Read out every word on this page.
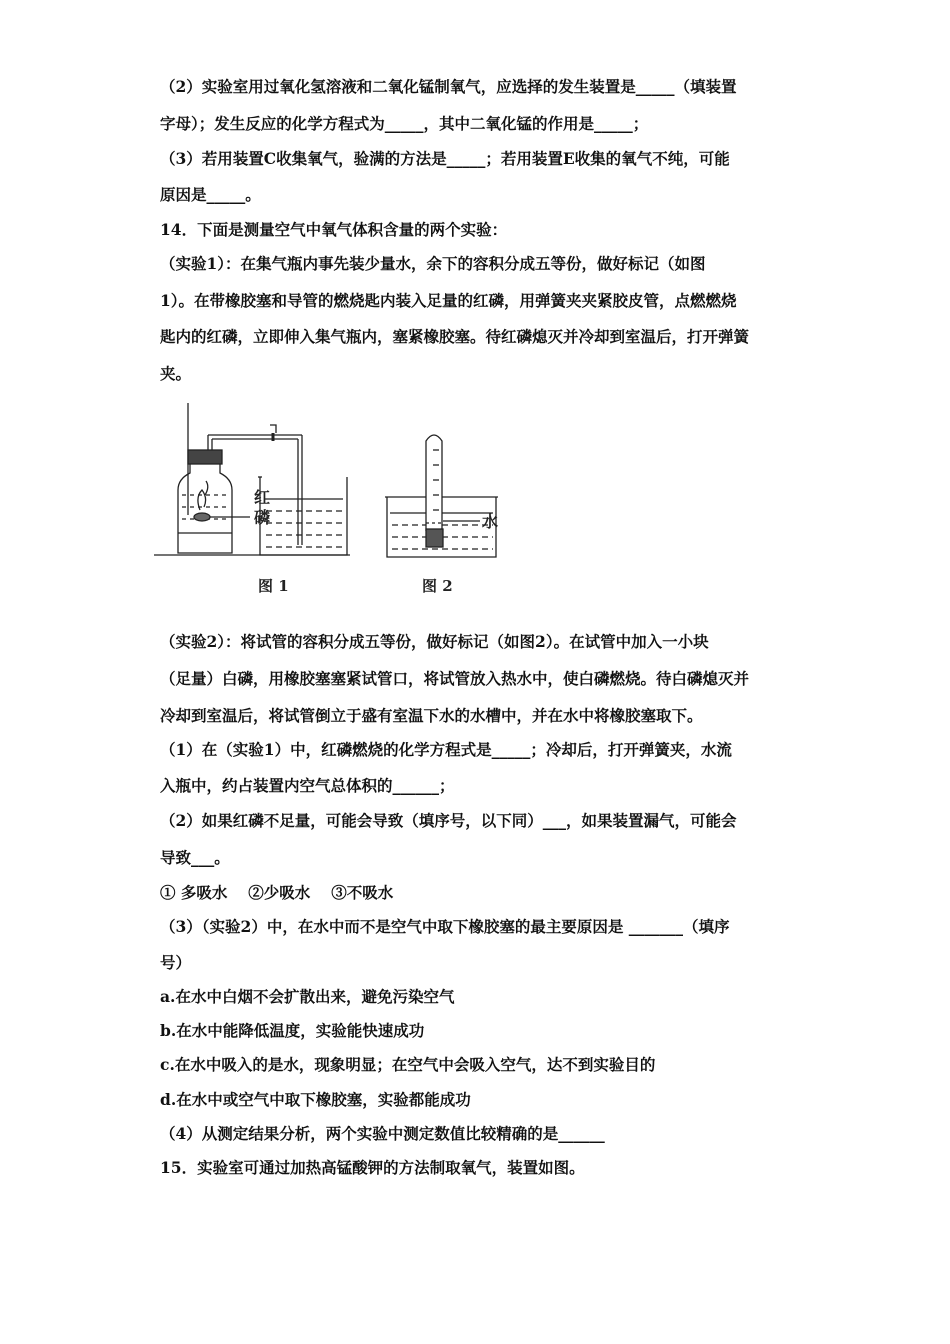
（2）实验室用过氧化氢溶液和二氧化锰制氧气，应选择的发生装置是_____（填装置
字母）；发生反应的化学方程式为_____，其中二氧化锰的作用是_____；
（3）若用装置C收集氧气，验满的方法是_____；若用装置E收集的氧气不纯，可能
原因是_____。
14．下面是测量空气中氧气体积含量的两个实验：
（实验1）：在集气瓶内事先装少量水，余下的容积分成五等份，做好标记（如图
1）。在带橡胶塞和导管的燃烧匙内装入足量的红磷，用弹簧夹夹紧胶皮管，点燃燃烧
匙内的红磷，立即伸入集气瓶内，塞紧橡胶塞。待红磷熄灭并冷却到室温后，打开弹簧
夹。
红
磷	水
图 1	图 2
（实验2）：将试管的容积分成五等份，做好标记（如图2）。在试管中加入一小块
（足量）白磷，用橡胶塞塞紧试管口，将试管放入热水中，使白磷燃烧。待白磷熄灭并
冷却到室温后，将试管倒立于盛有室温下水的水槽中，并在水中将橡胶塞取下。
（1）在（实验1）中，红磷燃烧的化学方程式是_____；冷却后，打开弹簧夹，水流
入瓶中，约占装置内空气总体积的______；
（2）如果红磷不足量，可能会导致（填序号，以下同）___，如果装置漏气，可能会
导致___。
① 多吸水　 ②少吸水　 ③不吸水
（3）（实验2）中，在水中而不是空气中取下橡胶塞的最主要原因是 _______（填序
号）
a.在水中白烟不会扩散出来，避免污染空气
b.在水中能降低温度，实验能快速成功
c.在水中吸入的是水，现象明显；在空气中会吸入空气，达不到实验目的
d.在水中或空气中取下橡胶塞，实验都能成功
（4）从测定结果分析，两个实验中测定数值比较精确的是______
15．实验室可通过加热高锰酸钾的方法制取氧气，装置如图。
